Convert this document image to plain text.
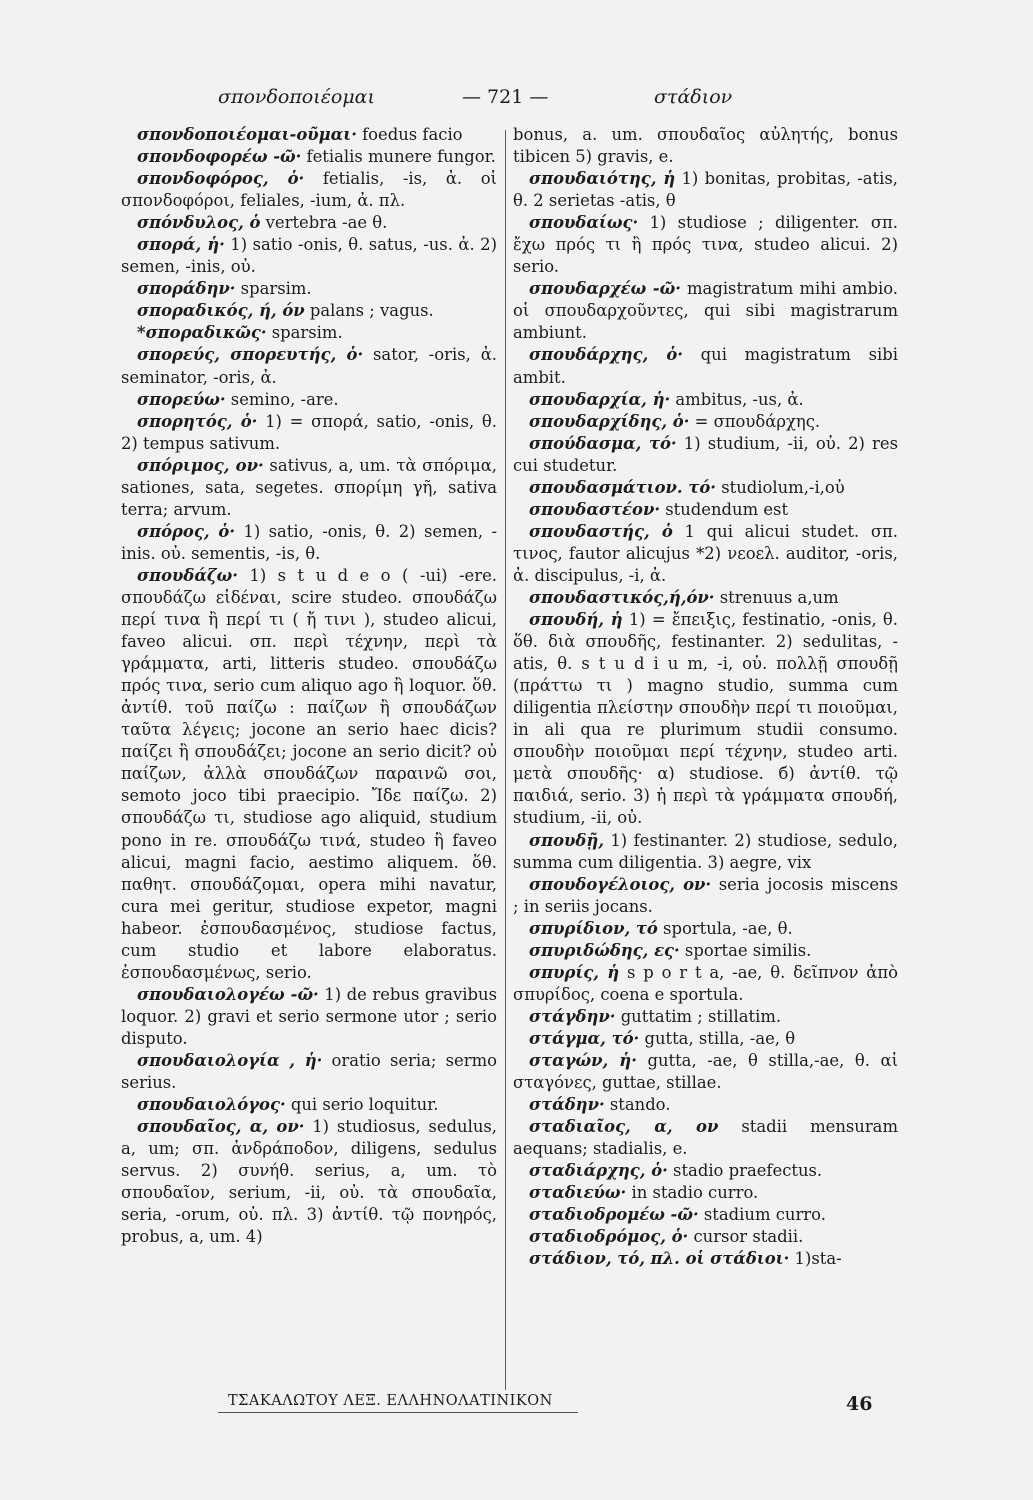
σπονδοποιέομαι	— 721 —	στάδιον

σπονδοποιέομαι-οῦμαι· foedus facio

σπονδοφορέω -ῶ· fetialis munere fungor.

σπονδοφόρος, ὁ· fetialis, -is, ἀ. οἱ σπονδοφόροι, feliales, -ium, ἀ. πλ.

σπόνδυλος, ὁ vertebra -ae θ.

σπορά, ἡ· 1) satio -onis, θ. satus, -us. ἀ. 2) semen, -inis, οὐ.

σποράδην· sparsim.

σποραδικός, ή, όν palans ; vagus.

*σποραδικῶς· sparsim.

σπορεύς, σπορευτής, ὁ· sator, -oris, ἀ. seminator, -oris, ἀ.

σπορεύω· semino, -are.

σπορητός, ὁ· 1) = σπορά, satio, -onis, θ. 2) tempus sativum.

σπόριμος, ον· sativus, a, um. τὰ σπόριμα, sationes, sata, segetes. σπορίμη γῆ, sativa terra; arvum.

σπόρος, ὁ· 1) satio, -onis, θ. 2) semen, -inis. οὐ. sementis, -is, θ.

σπουδάζω· 1) s t u d e o ( -ui) -ere. σπουδάζω εἰδέναι, scire studeo. σπουδάζω περί τινα ἢ περί τι ( ἤ τινι ), studeo alicui, faveo alicui. σπ. περὶ τέχνην, περὶ τὰ γράμματα, arti, litteris studeo. σπουδάζω πρός τινα, serio cum aliquo ago ἢ loquor. ὅθ. ἀντίθ. τοῦ παίζω : παίζων ἢ σπουδάζων ταῦτα λέγεις; jocone an serio haec dicis? παίζει ἢ σπουδάζει; jocone an serio dicit? οὐ παίζων, ἀλλὰ σπουδάζων παραινῶ σοι, semoto joco tibi praecipio. Ἴδε παίζω. 2) σπουδάζω τι, studiose ago aliquid, studium pono in re. σπουδάζω τινά, studeo ἢ faveo alicui, magni facio, aestimo aliquem. ὅθ. παθητ. σπουδάζομαι, opera mihi navatur, cura mei geritur, studiose expetor, magni habeor. ἐσπουδασμένος, studiose factus, cum studio et labore elaboratus. ἐσπουδασμένως, serio.

σπουδαιολογέω -ῶ· 1) de rebus gravibus loquor. 2) gravi et serio sermone utor ; serio disputo.

σπουδαιολογία , ἡ· oratio seria; sermo serius.

σπουδαιολόγος· qui serio loquitur.

σπουδαῖος, α, ον· 1) studiosus, sedulus, a, um; σπ. ἀνδράποδον, diligens, sedulus servus. 2) συνήθ. serius, a, um. τὸ σπουδαῖον, serium, -ii, οὐ. τὰ σπουδαῖα, seria, -orum, οὐ. πλ. 3) ἀντίθ. τῷ πονηρός, probus, a, um. 4)

bonus, a. um. σπουδαῖος αὐλητής, bonus tibicen 5) gravis, e.

σπουδαιότης, ἡ 1) bonitas, probitas, -atis, θ. 2 serietas -atis, θ

σπουδαίως· 1) studiose ; diligenter. σπ. ἔχω πρός τι ἢ πρός τινα, studeo alicui. 2) serio.

σπουδαρχέω -ῶ· magistratum mihi ambio. οἱ σπουδαρχοῦντες, qui sibi magistrarum ambiunt.

σπουδάρχης, ὁ· qui magistratum sibi ambit.

σπουδαρχία, ἡ· ambitus, -us, ἀ.

σπουδαρχίδης, ὁ· = σπουδάρχης.

σπούδασμα, τό· 1) studium, -ii, οὐ. 2) res cui studetur.

σπουδασμάτιον. τό· studiolum,-i,οὐ

σπουδαστέον· studendum est

σπουδαστής, ὁ 1 qui alicui studet. σπ. τινος, fautor alicujus *2) νεοελ. auditor, -oris, ἀ. discipulus, -i, ἀ.

σπουδαστικός,ή,όν· strenuus a,um

σπουδή, ἡ 1) = ἔπειξις, festinatio, -onis, θ. ὅθ. διὰ σπουδῆς, festinanter. 2) sedulitas, -atis, θ. s t u d i u m, -i, οὐ. πολλῇ σπουδῇ (πράττω τι ) magno studio, summa cum diligentia πλείστην σπουδὴν περί τι ποιοῦμαι, in ali qua re plurimum studii consumo. σπουδὴν ποιοῦμαι περί τέχνην, studeo arti. μετὰ σπουδῆς· α) studiose. б) ἀντίθ. τῷ παιδιά, serio. 3) ἡ περὶ τὰ γράμματα σπουδή, studium, -ii, οὐ.

σπουδῇ, 1) festinanter. 2) studiose, sedulo, summa cum diligentia. 3) aegre, vix

σπουδογέλοιος, ον· seria jocosis miscens ; in seriis jocans.

σπυρίδιον, τό sportula, -ae, θ.

σπυριδώδης, ες· sportae similis.

σπυρίς, ἡ s p o r t a, -ae, θ. δεῖπνον ἀπὸ σπυρίδος, coena e sportula.

στάγδην· guttatim ; stillatim.

στάγμα, τό· gutta, stilla, -ae, θ

σταγών, ἡ· gutta, -ae, θ stilla,-ae, θ. αἱ σταγόνες, guttae, stillae.

στάδην· stando.

σταδιαῖος, α, ον stadii mensuram aequans; stadialis, e.

σταδιάρχης, ὁ· stadio praefectus.

σταδιεύω· in stadio curro.

σταδιοδρομέω -ῶ· stadium curro.

σταδιοδρόμος, ὁ· cursor stadii.

στάδιον, τό, πλ. οἱ στάδιοι· 1)sta-

ΤΣΑΚΑΛΩΤΟΥ ΛΕΞ. ΕΛΛΗΝΟΛΑΤΙΝΙΚΟΝ	46
